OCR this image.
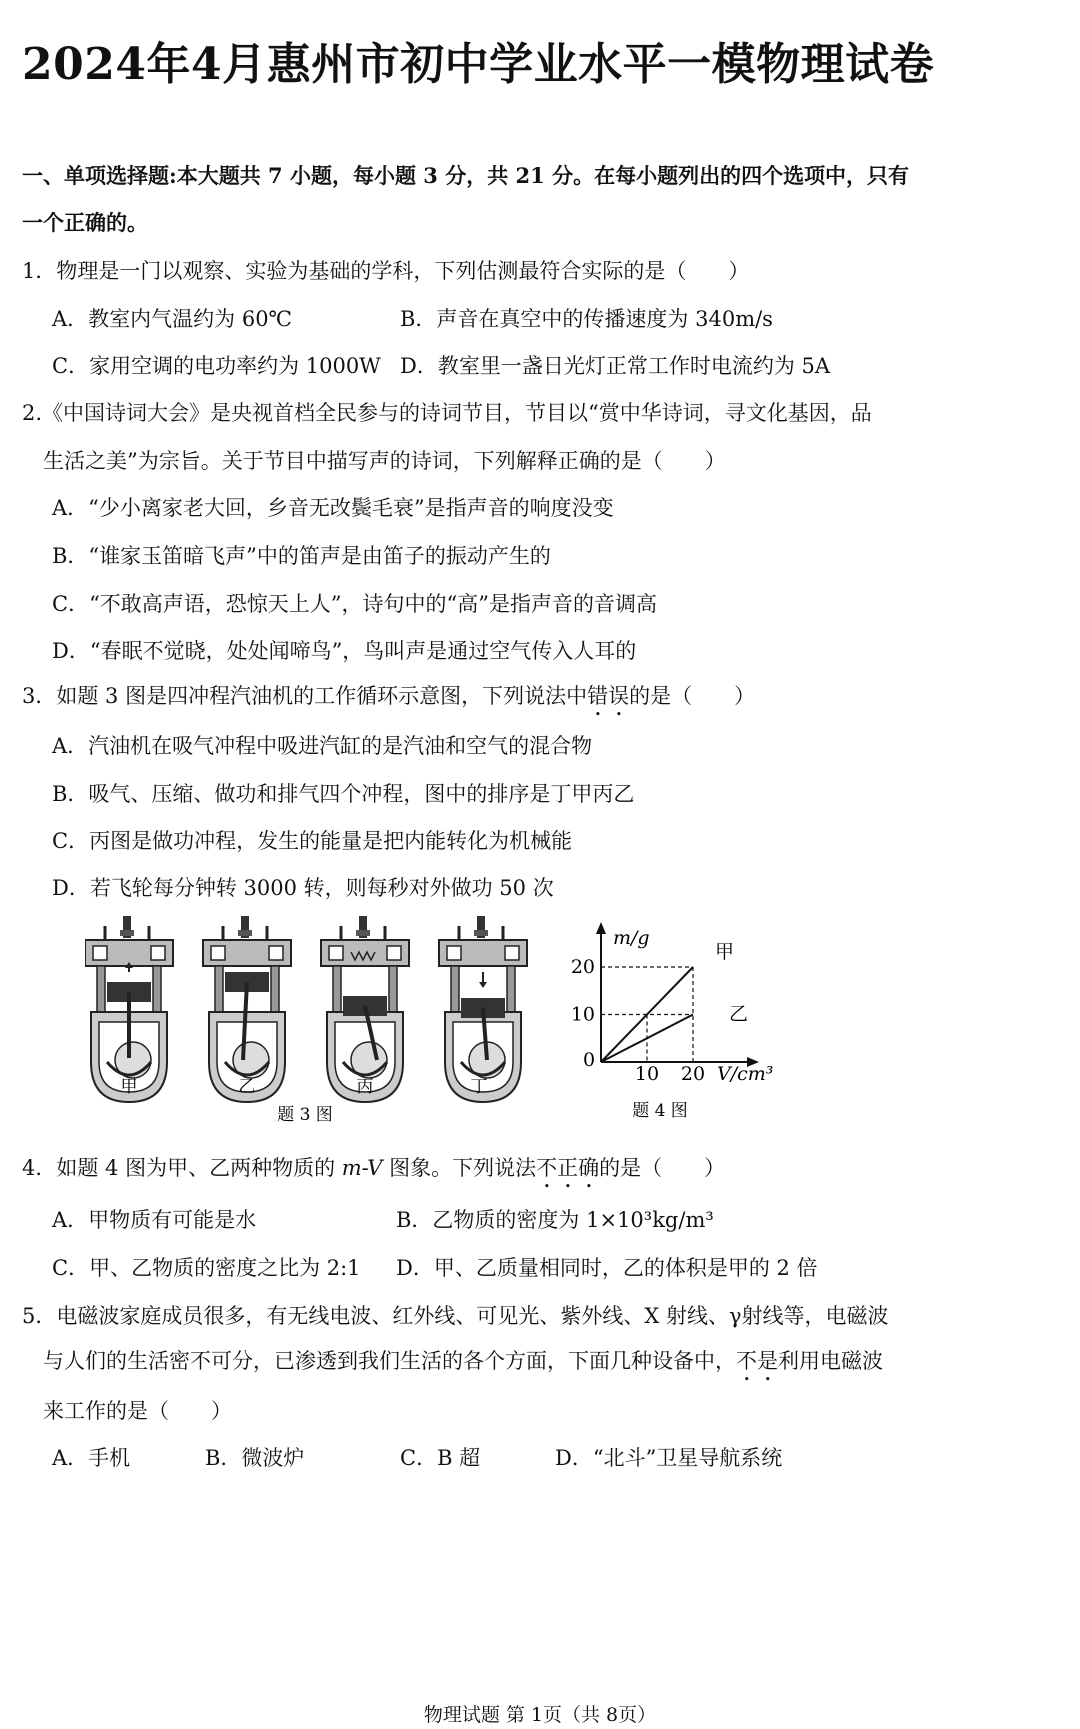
2024年4月惠州市初中学业水平一模物理试卷
一、单项选择题:本大题共 7 小题，每小题 3 分，共 21 分。在每小题列出的四个选项中，只有
一个正确的。
1．物理是一门以观察、实验为基础的学科，下列估测最符合实际的是（　　）
A．教室内气温约为 60℃	B．声音在真空中的传播速度为 340m/s
C．家用空调的电功率约为 1000W D．教室里一盏日光灯正常工作时电流约为 5A
2.《中国诗词大会》是央视首档全民参与的诗词节目，节目以“赏中华诗词，寻文化基因，品
生活之美”为宗旨。关于节目中描写声的诗词，下列解释正确的是（　　）
A．“少小离家老大回，乡音无改鬓毛衰”是指声音的响度没变
B．“谁家玉笛暗飞声”中的笛声是由笛子的振动产生的
C．“不敢高声语，恐惊天上人”，诗句中的“高”是指声音的音调高
D．“春眠不觉晓，处处闻啼鸟”，鸟叫声是通过空气传入人耳的
3．如题 3 图是四冲程汽油机的工作循环示意图，下列说法中错误的是（　　）
A．汽油机在吸气冲程中吸进汽缸的是汽油和空气的混合物
B．吸气、压缩、做功和排气四个冲程，图中的排序是丁甲丙乙
C．丙图是做功冲程，发生的能量是把内能转化为机械能
D．若飞轮每分钟转 3000 转，则每秒对外做功 50 次
甲	乙	丙	丁
题 3 图
10 20
10
20
m/g
V/cm³
0
甲
乙
题 4 图
4．如题 4 图为甲、乙两种物质的 m-V 图象。下列说法不正确的是（　　）
A．甲物质有可能是水	B．乙物质的密度为 1×10³kg/m³
C．甲、乙物质的密度之比为 2:1 D．甲、乙质量相同时，乙的体积是甲的 2 倍
5．电磁波家庭成员很多，有无线电波、红外线、可见光、紫外线、X 射线、γ射线等，电磁波
与人们的生活密不可分，已渗透到我们生活的各个方面，下面几种设备中，不是利用电磁波
来工作的是（　　）
A．手机	B．微波炉	C．B 超	D．“北斗”卫星导航系统
物理试题 第 1页（共 8页）
